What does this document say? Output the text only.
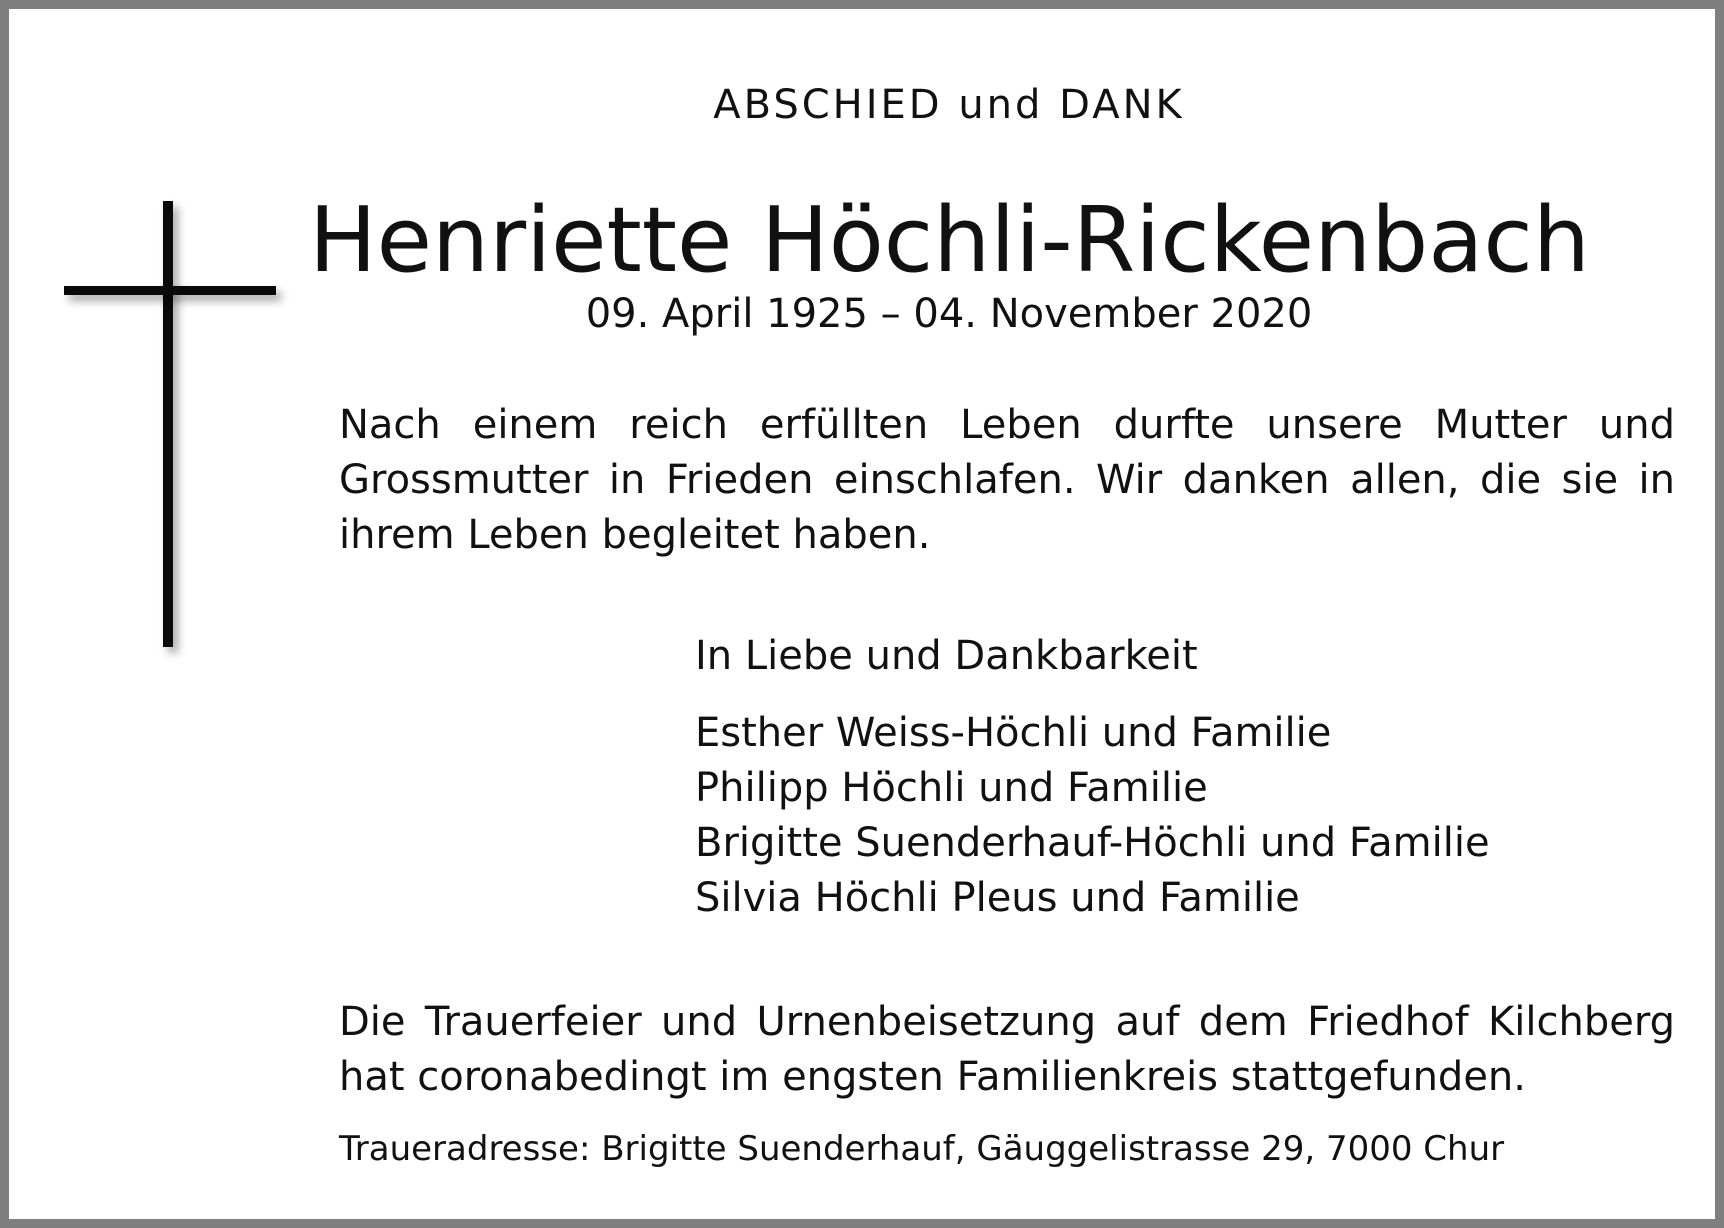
ABSCHIED und DANK
Henriette Höchli-Rickenbach
09. April 1925 – 04. November 2020
Nach einem reich erfüllten Leben durfte unsere Mutter und Grossmutter in Frieden einschlafen. Wir danken allen, die sie in ihrem Leben begleitet haben.
In Liebe und Dankbarkeit
Esther Weiss-Höchli und Familie
Philipp Höchli und Familie
Brigitte Suenderhauf-Höchli und Familie
Silvia Höchli Pleus und Familie
Die Trauerfeier und Urnenbeisetzung auf dem Friedhof Kilchberg hat coronabedingt im engsten Familienkreis stattgefunden.
Traueradresse: Brigitte Suenderhauf, Gäuggelistrasse 29, 7000 Chur
